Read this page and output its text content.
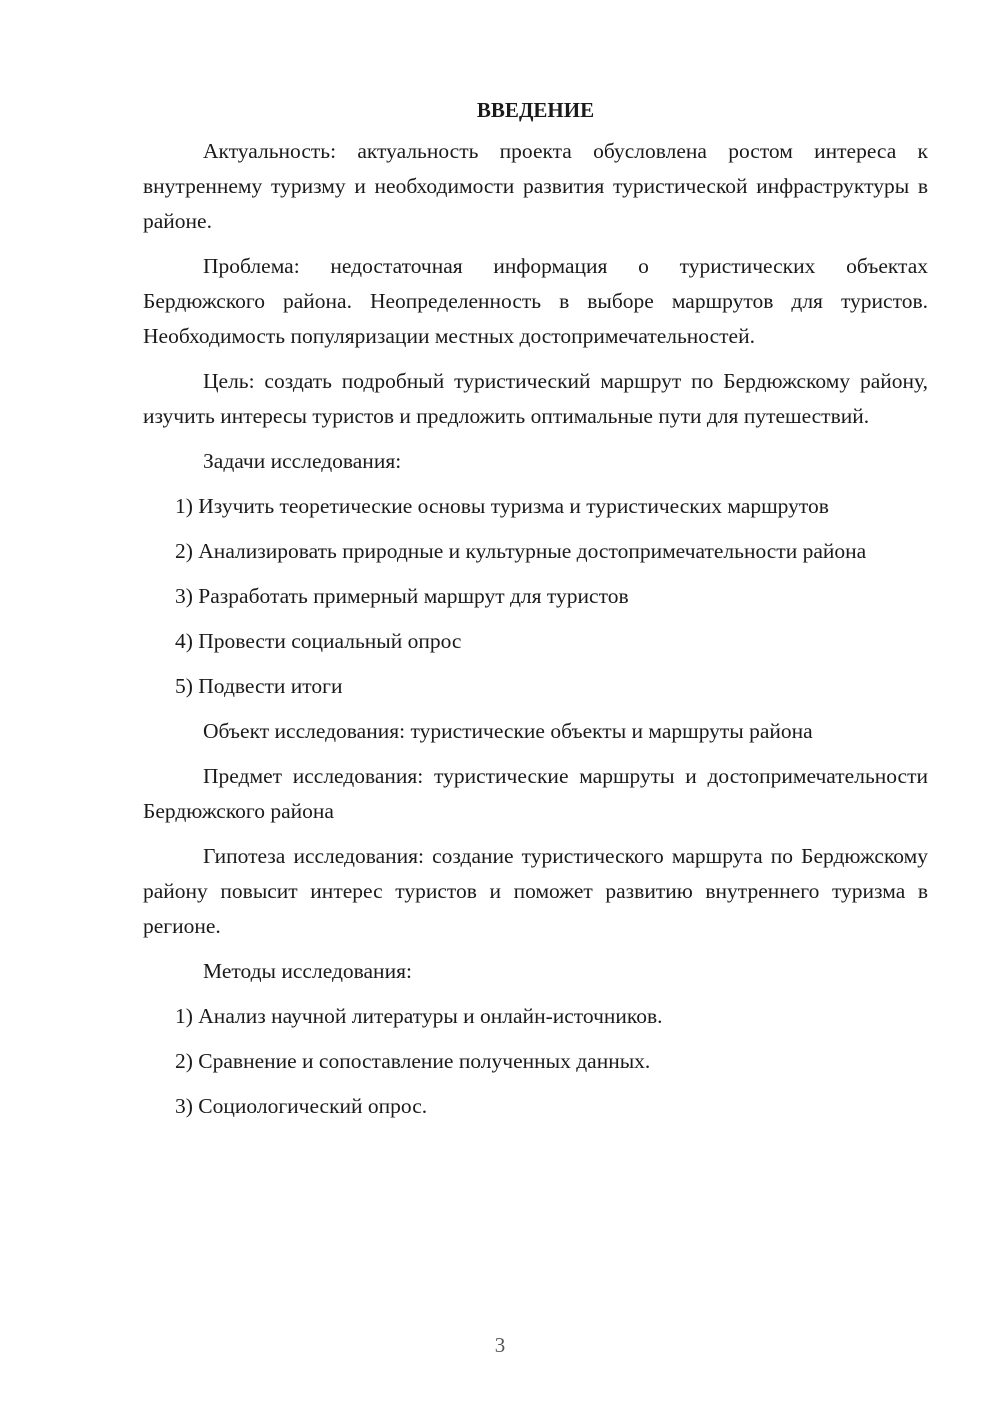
ВВЕДЕНИЕ

Актуальность: актуальность проекта обусловлена ростом интереса к внутреннему туризму и необходимости развития туристической инфраструктуры в районе.

Проблема: недостаточная информация о туристических объектах Бердюжского района. Неопределенность в выборе маршрутов для туристов. Необходимость популяризации местных достопримечательностей.

Цель: создать подробный туристический маршрут по Бердюжскому району, изучить интересы туристов и предложить оптимальные пути для путешествий.

Задачи исследования:

1) Изучить теоретические основы туризма и туристических маршрутов

2) Анализировать природные и культурные достопримечательности района

3) Разработать примерный маршрут для туристов

4) Провести социальный опрос

5) Подвести итоги

Объект исследования: туристические объекты и маршруты района

Предмет исследования: туристические маршруты и достопримечательности Бердюжского района

Гипотеза исследования: создание туристического маршрута по Бердюжскому району повысит интерес туристов и поможет развитию внутреннего туризма в регионе.

Методы исследования:

1) Анализ научной литературы и онлайн-источников.

2) Сравнение и сопоставление полученных данных.

3) Социологический опрос.

3
